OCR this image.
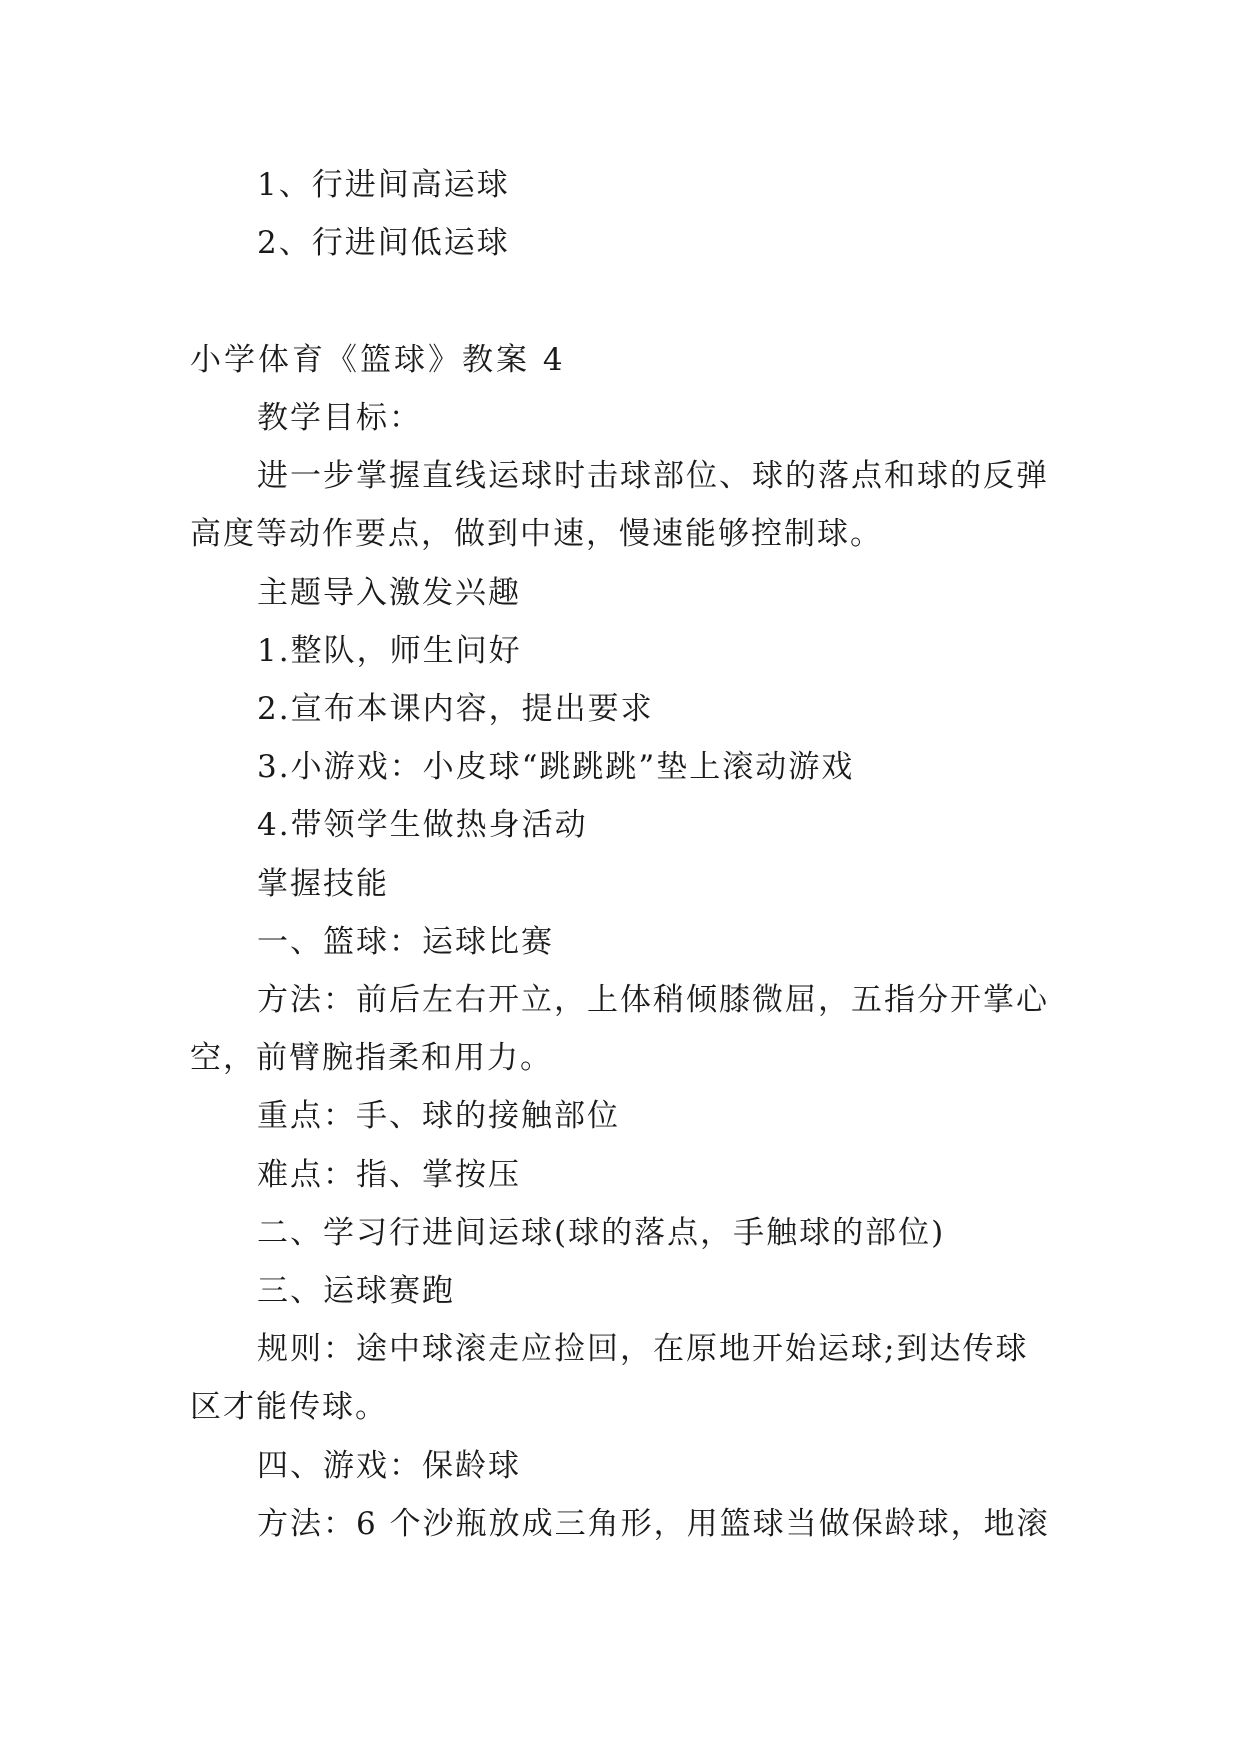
1、行进间高运球
2、行进间低运球
小学体育《篮球》教案 4
教学目标：
进一步掌握直线运球时击球部位、球的落点和球的反弹
高度等动作要点，做到中速，慢速能够控制球。
主题导入激发兴趣
1.整队，师生问好
2.宣布本课内容，提出要求
3.小游戏：小皮球“跳跳跳”垫上滚动游戏
4.带领学生做热身活动
掌握技能
一、篮球：运球比赛
方法：前后左右开立，上体稍倾膝微屈，五指分开掌心
空，前臂腕指柔和用力。
重点：手、球的接触部位
难点：指、掌按压
二、学习行进间运球(球的落点，手触球的部位)
三、运球赛跑
规则：途中球滚走应捡回，在原地开始运球;到达传球
区才能传球。
四、游戏：保龄球
方法：6 个沙瓶放成三角形，用篮球当做保龄球，地滚
